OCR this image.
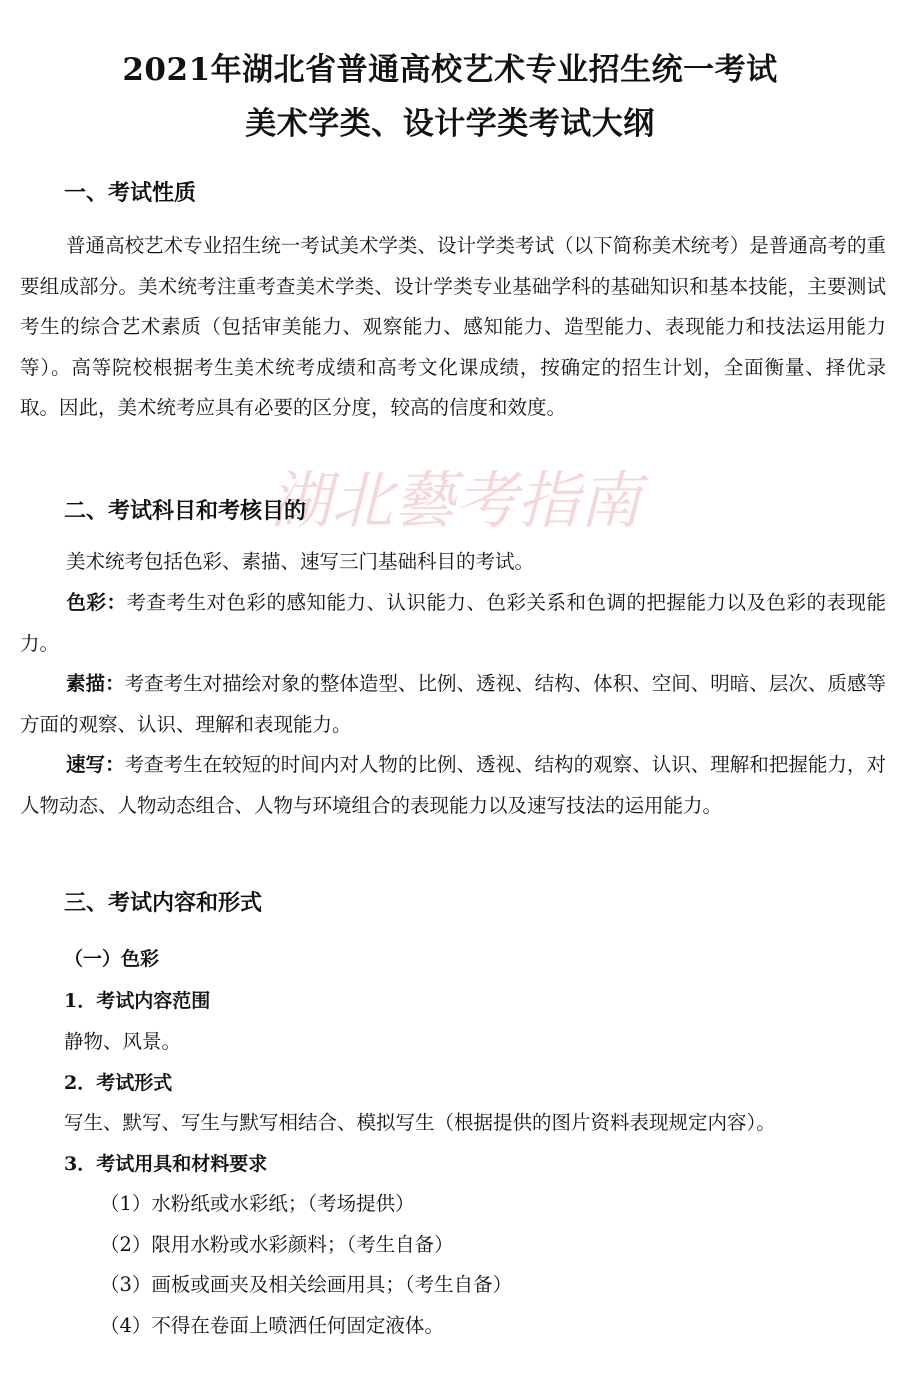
2021年湖北省普通高校艺术专业招生统一考试
美术学类、设计学类考试大纲
一、考试性质

普通高校艺术专业招生统一考试美术学类、设计学类考试（以下简称美术统考）是普通高考的重要组成部分。美术统考注重考查美术学类、设计学类专业基础学科的基础知识和基本技能，主要测试考生的综合艺术素质（包括审美能力、观察能力、感知能力、造型能力、表现能力和技法运用能力等）。高等院校根据考生美术统考成绩和高考文化课成绩，按确定的招生计划，全面衡量、择优录取。因此，美术统考应具有必要的区分度，较高的信度和效度。

湖北藝考指南
二、考试科目和考核目的

美术统考包括色彩、素描、速写三门基础科目的考试。

色彩：考查考生对色彩的感知能力、认识能力、色彩关系和色调的把握能力以及色彩的表现能力。

素描：考查考生对描绘对象的整体造型、比例、透视、结构、体积、空间、明暗、层次、质感等方面的观察、认识、理解和表现能力。

速写：考查考生在较短的时间内对人物的比例、透视、结构的观察、认识、理解和把握能力，对人物动态、人物动态组合、人物与环境组合的表现能力以及速写技法的运用能力。

三、考试内容和形式

（一）色彩

1．考试内容范围

静物、风景。

2．考试形式

写生、默写、写生与默写相结合、模拟写生（根据提供的图片资料表现规定内容）。

3．考试用具和材料要求

（1）水粉纸或水彩纸；（考场提供）

（2）限用水粉或水彩颜料；（考生自备）

（3）画板或画夹及相关绘画用具；（考生自备）

（4）不得在卷面上喷洒任何固定液体。
